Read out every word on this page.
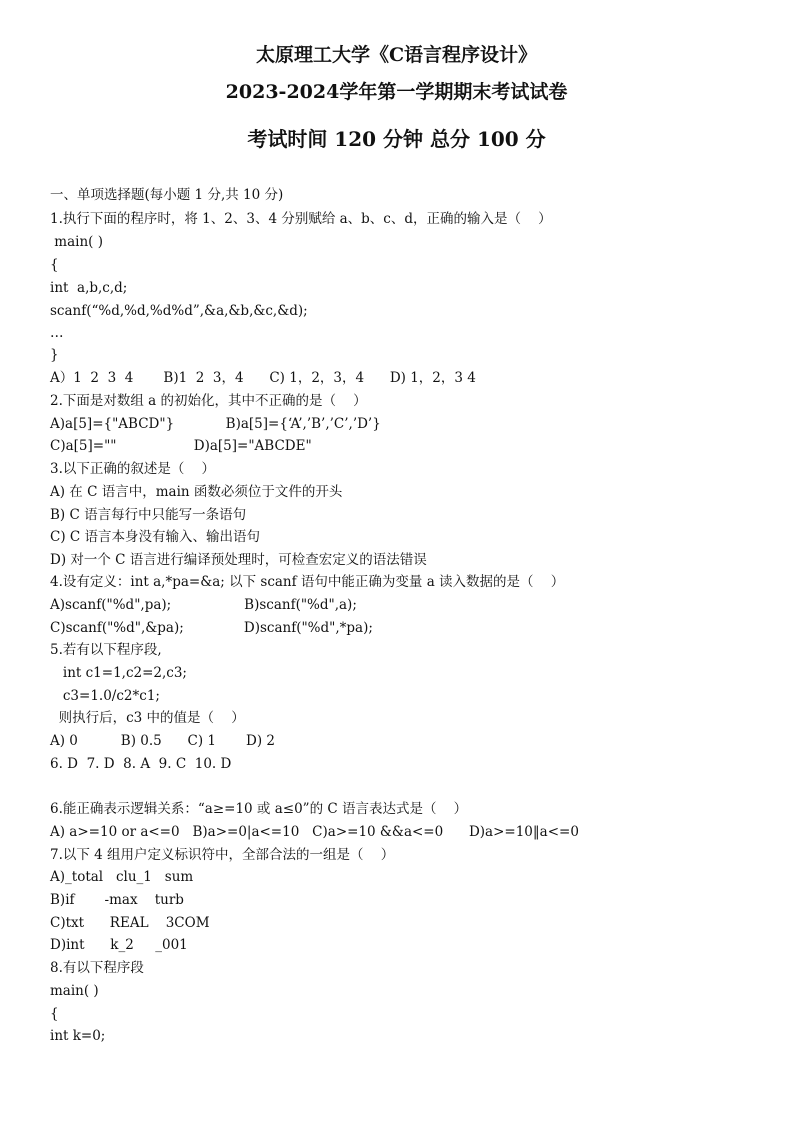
太原理工大学《C语言程序设计》
2023-2024学年第一学期期末考试试卷
考试时间 120 分钟 总分 100 分
一、单项选择题(每小题 1 分,共 10 分)
1.执行下面的程序时，将 1、2、3、4 分别赋给 a、b、c、d，正确的输入是（    ）
main( )
{
int  a,b,c,d;
scanf(“%d,%d,%d%d”,&a,&b,&c,&d);
…
}
A）1  2  3  4       B)1  2  3，4      C) 1，2，3，4      D) 1，2，3 4
2.下面是对数组 a 的初始化，其中不正确的是（    ）
A)a[5]={"ABCD"}            B)a[5]={‘A’,’B’,’C’,’D’}
C)a[5]=""                  D)a[5]="ABCDE"
3.以下正确的叙述是（    ）
A) 在 C 语言中，main 函数必须位于文件的开头
B) C 语言每行中只能写一条语句
C) C 语言本身没有输入、输出语句
D) 对一个 C 语言进行编译预处理时，可检查宏定义的语法错误
4.设有定义：int a,*pa=&a; 以下 scanf 语句中能正确为变量 a 读入数据的是（    ）
A)scanf("%d",pa);                 B)scanf("%d",a);
C)scanf("%d",&pa);              D)scanf("%d",*pa);
5.若有以下程序段,
int c1=1,c2=2,c3;
c3=1.0/c2*c1;
则执行后，c3 中的值是（    ）
A) 0          B) 0.5      C) 1       D) 2
6. D  7. D  8. A  9. C  10. D
6.能正确表示逻辑关系：“a≥=10 或 a≤0”的 C 语言表达式是（    ）
A) a>=10 or a<=0   B)a>=0|a<=10   C)a>=10 &&a<=0      D)a>=10‖a<=0
7.以下 4 组用户定义标识符中，全部合法的一组是（    ）
A)_total   clu_1   sum
B)if       -max    turb
C)txt      REAL    3COM
D)int      k_2     _001
8.有以下程序段
main( )
{
int k=0;
